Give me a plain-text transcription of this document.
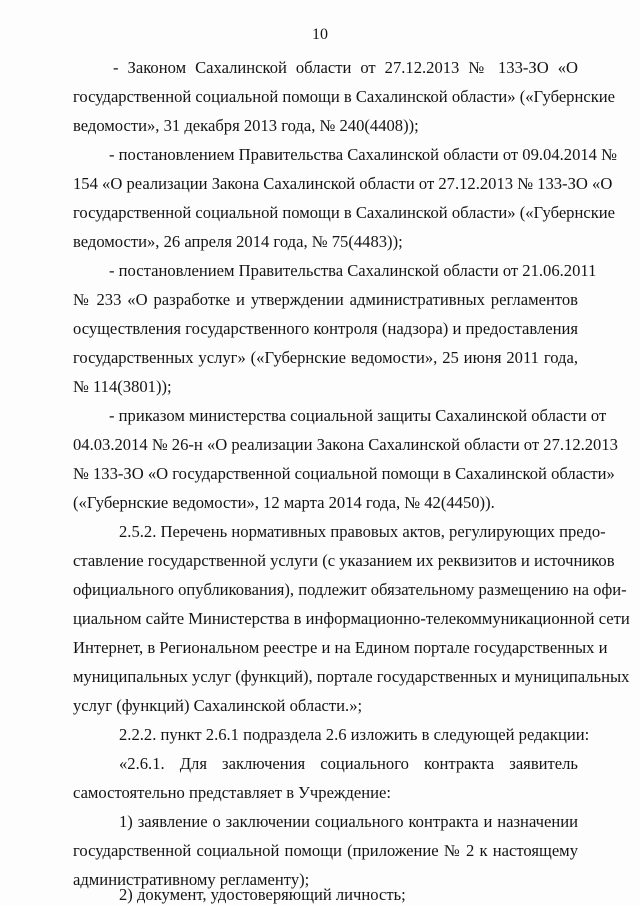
10
- Законом Сахалинской области от 27.12.2013 № 133-ЗО «О
государственной социальной помощи в Сахалинской области» («Губернские
ведомости», 31 декабря 2013 года, № 240(4408));
- постановлением Правительства Сахалинской области от 09.04.2014 №
154 «О реализации Закона Сахалинской области от 27.12.2013 № 133-ЗО «О
государственной социальной помощи в Сахалинской области» («Губернские
ведомости», 26 апреля 2014 года, № 75(4483));
- постановлением Правительства Сахалинской области от 21.06.2011
№ 233 «О разработке и утверждении административных регламентов
осуществления государственного контроля (надзора) и предоставления
государственных услуг» («Губернские ведомости», 25 июня 2011 года,
№ 114(3801));
- приказом министерства социальной защиты Сахалинской области от
04.03.2014 № 26-н «О реализации Закона Сахалинской области от 27.12.2013
№ 133-ЗО «О государственной социальной помощи в Сахалинской области»
(«Губернские ведомости», 12 марта 2014 года, № 42(4450)).
2.5.2. Перечень нормативных правовых актов, регулирующих предо-
ставление государственной услуги (с указанием их реквизитов и источников
официального опубликования), подлежит обязательному размещению на офи-
циальном сайте Министерства в информационно-телекоммуникационной сети
Интернет, в Региональном реестре и на Едином портале государственных и
муниципальных услуг (функций), портале государственных и муниципальных
услуг (функций) Сахалинской области.»;
2.2.2. пункт 2.6.1 подраздела 2.6 изложить в следующей редакции:
«2.6.1. Для заключения социального контракта заявитель
самостоятельно представляет в Учреждение:
1) заявление о заключении социального контракта и назначении
государственной социальной помощи (приложение № 2 к настоящему
административному регламенту);
2) документ, удостоверяющий личность;
